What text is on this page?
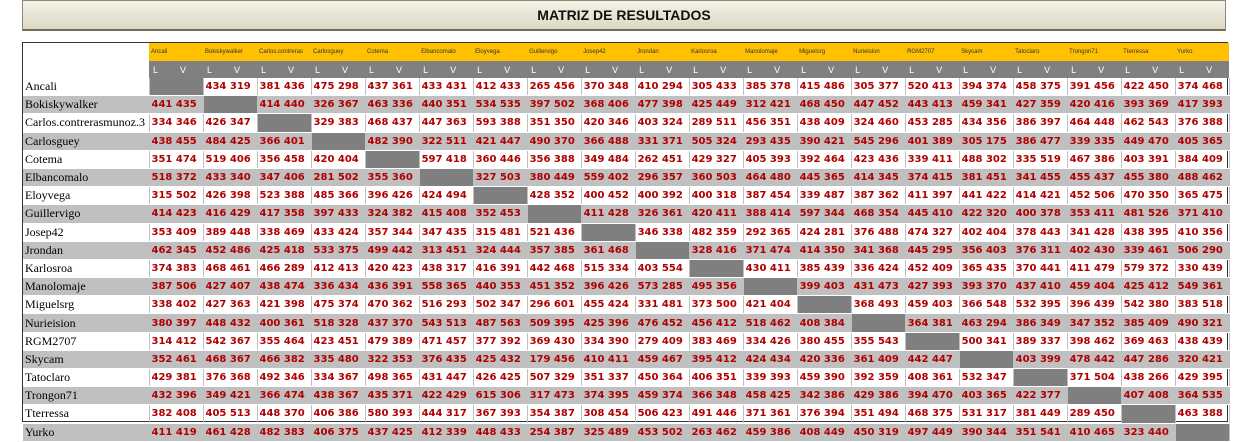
MATRIZ DE RESULTADOS
	Ancali		Bokiskywalker		Carlos.contreras		Carlosguey		Cotema		Elbancomalo		Eloyvega		Guillervigo		Josep42		Jrondan		Karlosroa		Manolomaje		Miguelsrg		Nurieision		RGM2707		Skycam		Tatoclaro		Trongon71		Tterressa		Yurko	
	L	V	L	V	L	V	L	V	L	V	L	V	L	V	L	V	L	V	L	V	L	V	L	V	L	V	L	V	L	V	L	V	L	V	L	V	L	V	L	V
Ancali			434 319		381 436		475 298		437 361		433 431		412 433		265 456		370 348		410 294		305 433		385 378		415 486		305 377		520 413		394 374		458 375		391 456		422 450		374 468	
Bokiskywalker	441 435				414 440		326 367		463 336		440 351		534 535		397 502		368 406		477 398		425 449		312 421		468 450		447 452		443 413		459 341		427 359		420 416		393 369		417 393	
Carlos.contrerasmunoz.3	334 346		426 347				329 383		468 437		447 363		593 388		351 350		420 346		403 324		289 511		456 351		438 409		324 460		453 285		434 356		386 397		464 448		462 543		376 388	
Carlosguey	438 455		484 425		366 401				482 390		322 511		421 447		490 370		366 488		331 371		505 324		293 435		390 421		545 296		401 389		305 175		386 477		339 335		449 470		405 365	
Cotema	351 474		519 406		356 458		420 404				597 418		360 446		356 388		349 484		262 451		429 327		405 393		392 464		423 436		339 411		488 302		335 519		467 386		403 391		384 409	
Elbancomalo	518 372		433 340		347 406		281 502		355 360				327 503		380 449		559 402		296 357		360 503		464 480		445 365		414 345		374 415		381 451		341 455		455 437		455 380		488 462	
Eloyvega	315 502		426 398		523 388		485 366		396 426		424 494				428 352		400 452		400 392		400 318		387 454		339 487		387 362		411 397		441 422		414 421		452 506		470 350		365 475	
Guillervigo	414 423		416 429		417 358		397 433		324 382		415 408		352 453				411 428		326 361		420 411		388 414		597 344		468 354		445 410		422 320		400 378		353 411		481 526		371 410	
Josep42	353 409		389 448		338 469		433 424		357 344		347 435		315 481		521 436				346 338		482 359		292 365		424 281		376 488		474 327		402 404		378 443		341 428		438 395		410 356	
Jrondan	462 345		452 486		425 418		533 375		499 442		313 451		324 444		357 385		361 468				328 416		371 474		414 350		341 368		445 295		356 403		376 311		402 430		339 461		506 290	
Karlosroa	374 383		468 461		466 289		412 413		420 423		438 317		416 391		442 468		515 334		403 554				430 411		385 439		336 424		452 409		365 435		370 441		411 479		579 372		330 439	
Manolomaje	387 506		427 407		438 474		336 434		436 391		558 365		440 353		451 352		396 426		573 285		495 356				399 403		431 473		427 393		393 370		437 410		459 404		425 412		549 361	
Miguelsrg	338 402		427 363		421 398		475 374		470 362		516 293		502 347		296 601		455 424		331 481		373 500		421 404				368 493		459 403		366 548		532 395		396 439		542 380		383 518	
Nurieision	380 397		448 432		400 361		518 328		437 370		543 513		487 563		509 395		425 396		476 452		456 412		518 462		408 384				364 381		463 294		386 349		347 352		385 409		490 321	
RGM2707	314 412		542 367		355 464		423 451		479 389		471 457		377 392		369 430		334 390		279 409		383 469		334 426		380 455		355 543				500 341		389 337		398 462		369 463		438 439	
Skycam	352 461		468 367		466 382		335 480		322 353		376 435		425 432		179 456		410 411		459 467		395 412		424 434		420 336		361 409		442 447				403 399		478 442		447 286		320 421	
Tatoclaro	429 381		376 368		492 346		334 367		498 365		431 447		426 425		507 329		351 337		450 364		406 351		339 393		459 390		392 359		408 361		532 347				371 504		438 266		429 395	
Trongon71	432 396		349 421		366 474		438 367		435 371		422 429		615 306		317 473		374 395		459 374		366 348		458 425		342 386		429 386		394 470		403 365		422 377				407 408		364 535	
Tterressa	382 408		405 513		448 370		406 386		580 393		444 317		367 393		354 387		308 454		506 423		491 446		371 361		376 394		351 494		468 375		531 317		381 449		289 450				463 388	
Yurko	411 419		461 428		482 383		406 375		437 425		412 339		448 433		254 387		325 489		453 502		263 462		459 386		408 449		450 319		497 449		390 344		351 541		410 465		323 440			
